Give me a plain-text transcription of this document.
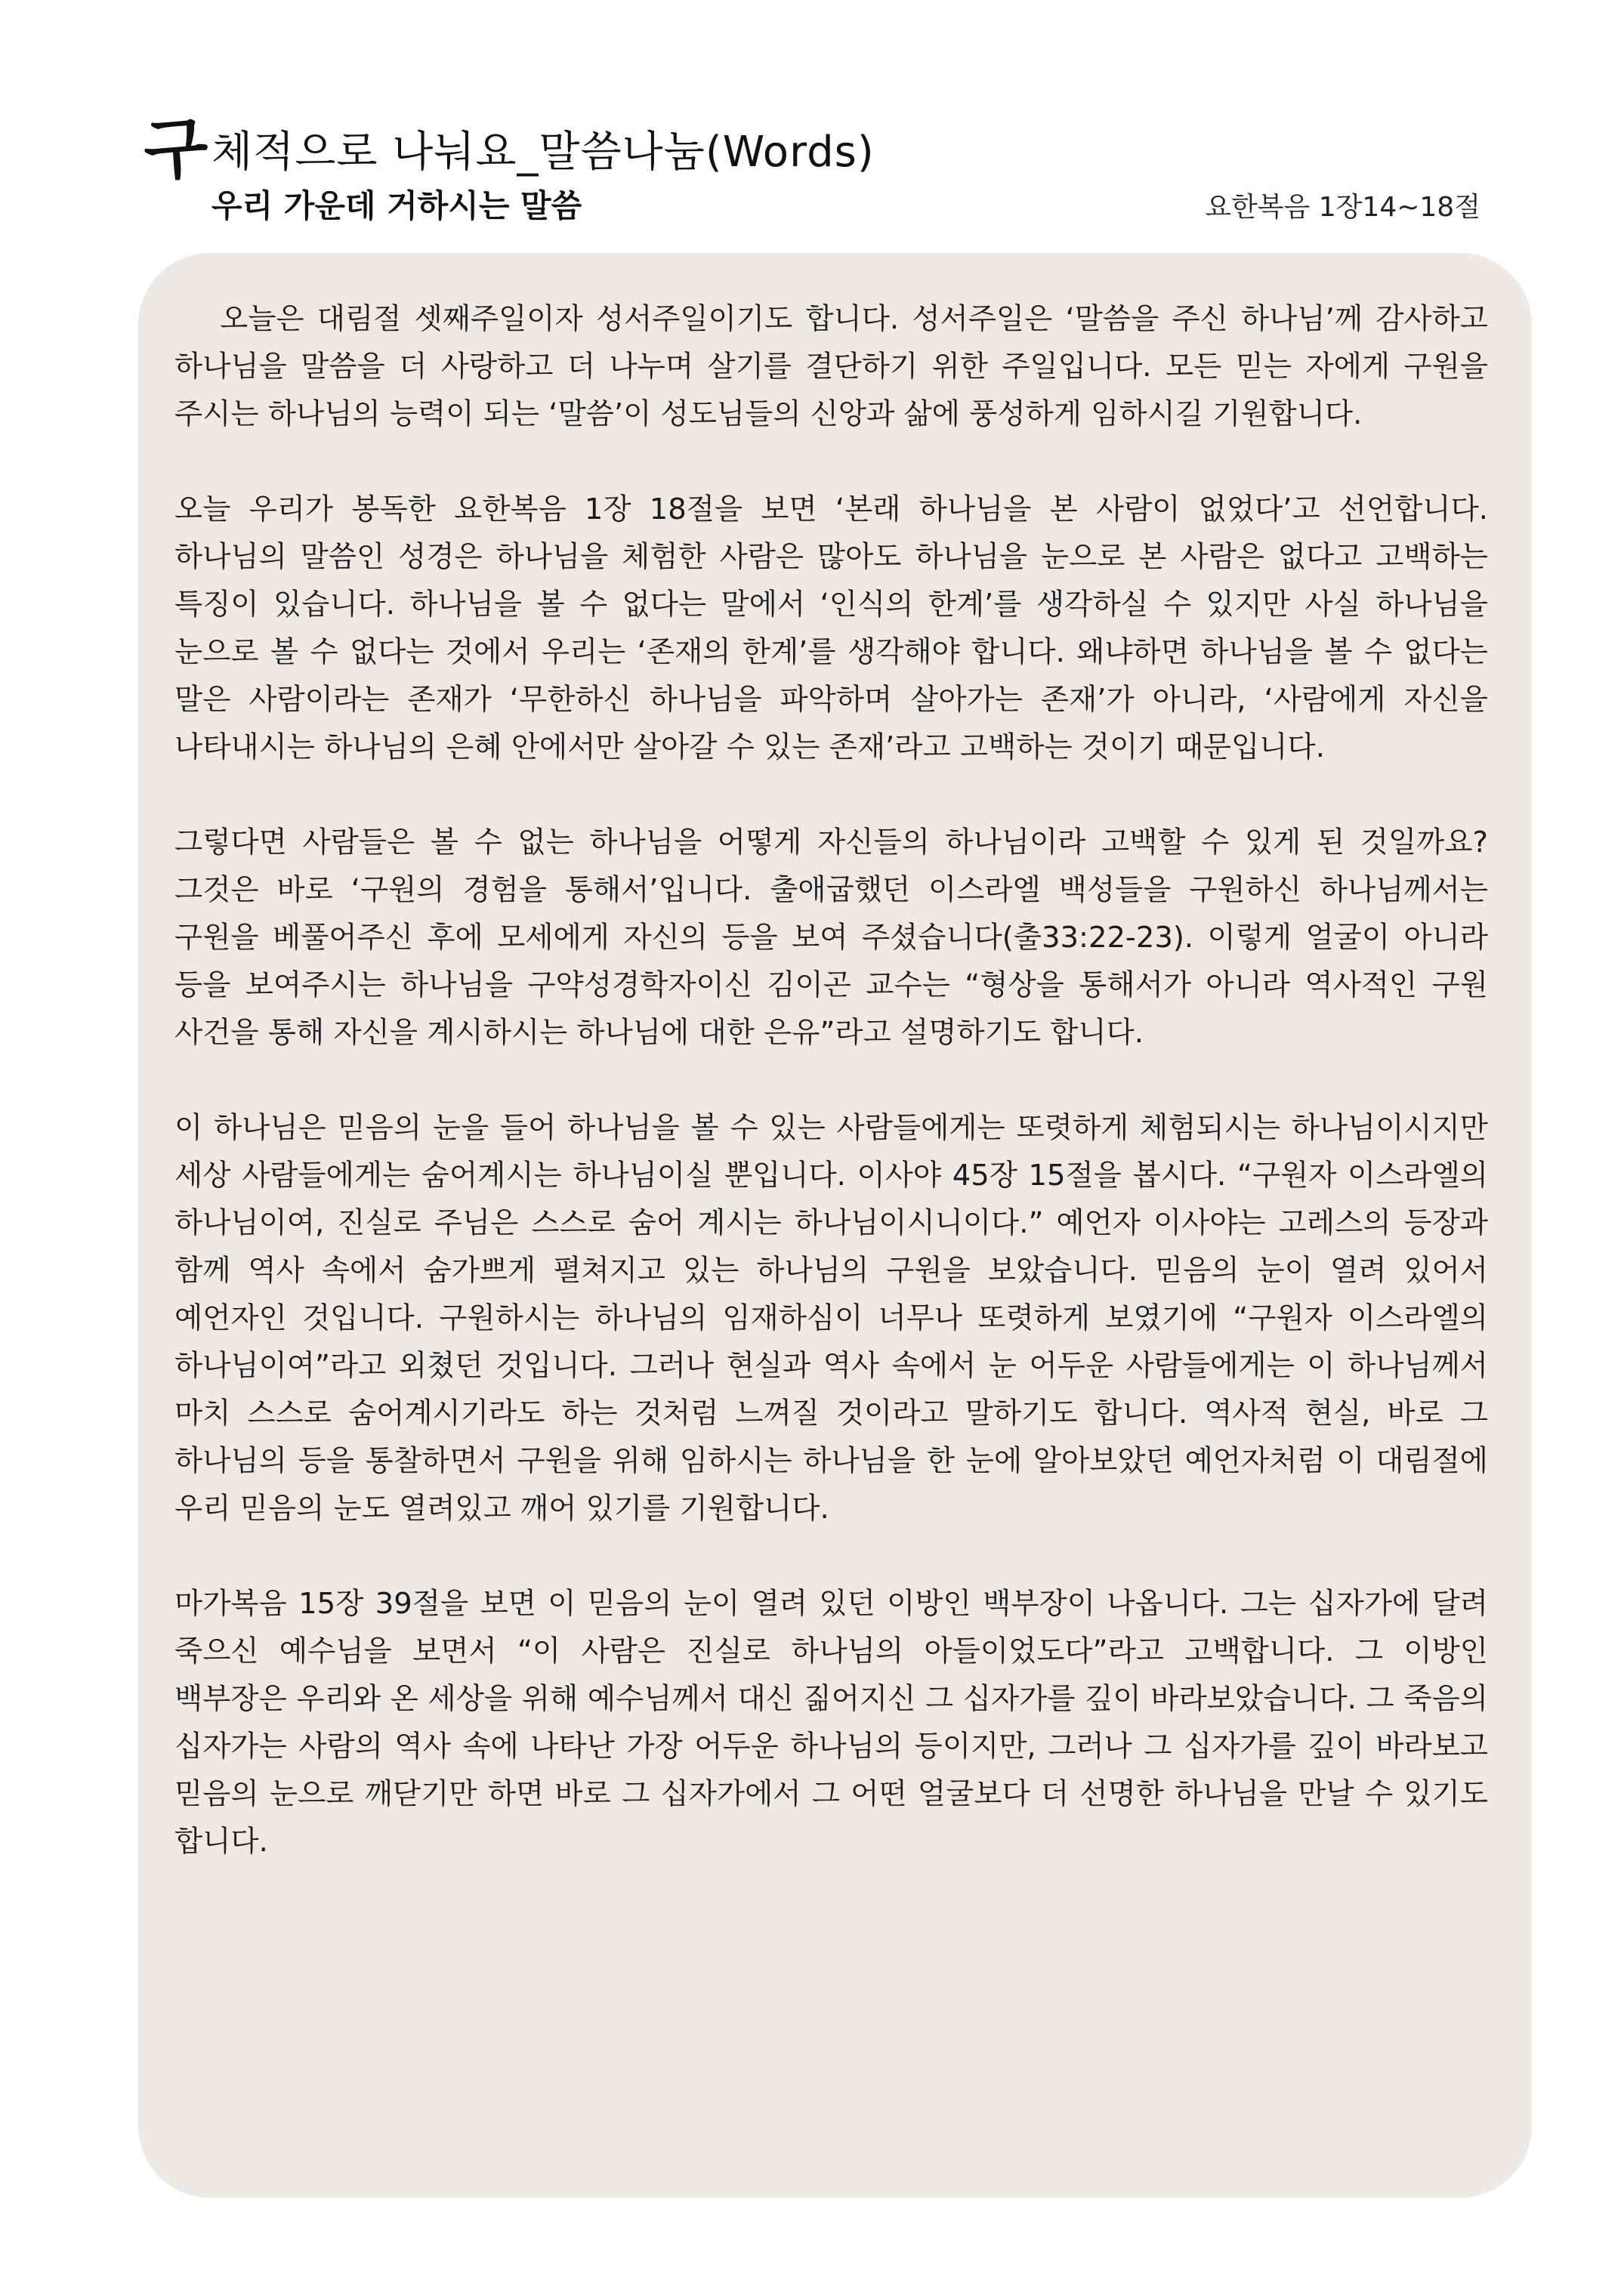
구체적으로 나눠요_말씀나눔(Words)
우리 가운데 거하시는 말씀	요한복음 1장14~18절

오늘은 대림절 셋째주일이자 성서주일이기도 합니다. 성서주일은 ‘말씀을 주신 하나님’께 감사하고 하나님을 말씀을 더 사랑하고 더 나누며 살기를 결단하기 위한 주일입니다. 모든 믿는 자에게 구원을 주시는 하나님의 능력이 되는 ‘말씀’이 성도님들의 신앙과 삶에 풍성하게 임하시길 기원합니다.

오늘 우리가 봉독한 요한복음 1장 18절을 보면 ‘본래 하나님을 본 사람이 없었다’고 선언합니다. 하나님의 말씀인 성경은 하나님을 체험한 사람은 많아도 하나님을 눈으로 본 사람은 없다고 고백하는 특징이 있습니다. 하나님을 볼 수 없다는 말에서 ‘인식의 한계’를 생각하실 수 있지만 사실 하나님을 눈으로 볼 수 없다는 것에서 우리는 ‘존재의 한계’를 생각해야 합니다. 왜냐하면 하나님을 볼 수 없다는 말은 사람이라는 존재가 ‘무한하신 하나님을 파악하며 살아가는 존재’가 아니라, ‘사람에게 자신을 나타내시는 하나님의 은혜 안에서만 살아갈 수 있는 존재’라고 고백하는 것이기 때문입니다.

그렇다면 사람들은 볼 수 없는 하나님을 어떻게 자신들의 하나님이라 고백할 수 있게 된 것일까요? 그것은 바로 ‘구원의 경험을 통해서’입니다. 출애굽했던 이스라엘 백성들을 구원하신 하나님께서는 구원을 베풀어주신 후에 모세에게 자신의 등을 보여 주셨습니다(출33:22-23). 이렇게 얼굴이 아니라 등을 보여주시는 하나님을 구약성경학자이신 김이곤 교수는 “형상을 통해서가 아니라 역사적인 구원 사건을 통해 자신을 계시하시는 하나님에 대한 은유”라고 설명하기도 합니다.

이 하나님은 믿음의 눈을 들어 하나님을 볼 수 있는 사람들에게는 또렷하게 체험되시는 하나님이시지만 세상 사람들에게는 숨어계시는 하나님이실 뿐입니다. 이사야 45장 15절을 봅시다. “구원자 이스라엘의 하나님이여, 진실로 주님은 스스로 숨어 계시는 하나님이시니이다.” 예언자 이사야는 고레스의 등장과 함께 역사 속에서 숨가쁘게 펼쳐지고 있는 하나님의 구원을 보았습니다. 믿음의 눈이 열려 있어서 예언자인 것입니다. 구원하시는 하나님의 임재하심이 너무나 또렷하게 보였기에 “구원자 이스라엘의 하나님이여”라고 외쳤던 것입니다. 그러나 현실과 역사 속에서 눈 어두운 사람들에게는 이 하나님께서 마치 스스로 숨어계시기라도 하는 것처럼 느껴질 것이라고 말하기도 합니다. 역사적 현실, 바로 그 하나님의 등을 통찰하면서 구원을 위해 임하시는 하나님을 한 눈에 알아보았던 예언자처럼 이 대림절에 우리 믿음의 눈도 열려있고 깨어 있기를 기원합니다.

마가복음 15장 39절을 보면 이 믿음의 눈이 열려 있던 이방인 백부장이 나옵니다. 그는 십자가에 달려 죽으신 예수님을 보면서 “이 사람은 진실로 하나님의 아들이었도다”라고 고백합니다. 그 이방인 백부장은 우리와 온 세상을 위해 예수님께서 대신 짊어지신 그 십자가를 깊이 바라보았습니다. 그 죽음의 십자가는 사람의 역사 속에 나타난 가장 어두운 하나님의 등이지만, 그러나 그 십자가를 깊이 바라보고 믿음의 눈으로 깨닫기만 하면 바로 그 십자가에서 그 어떤 얼굴보다 더 선명한 하나님을 만날 수 있기도 합니다.
